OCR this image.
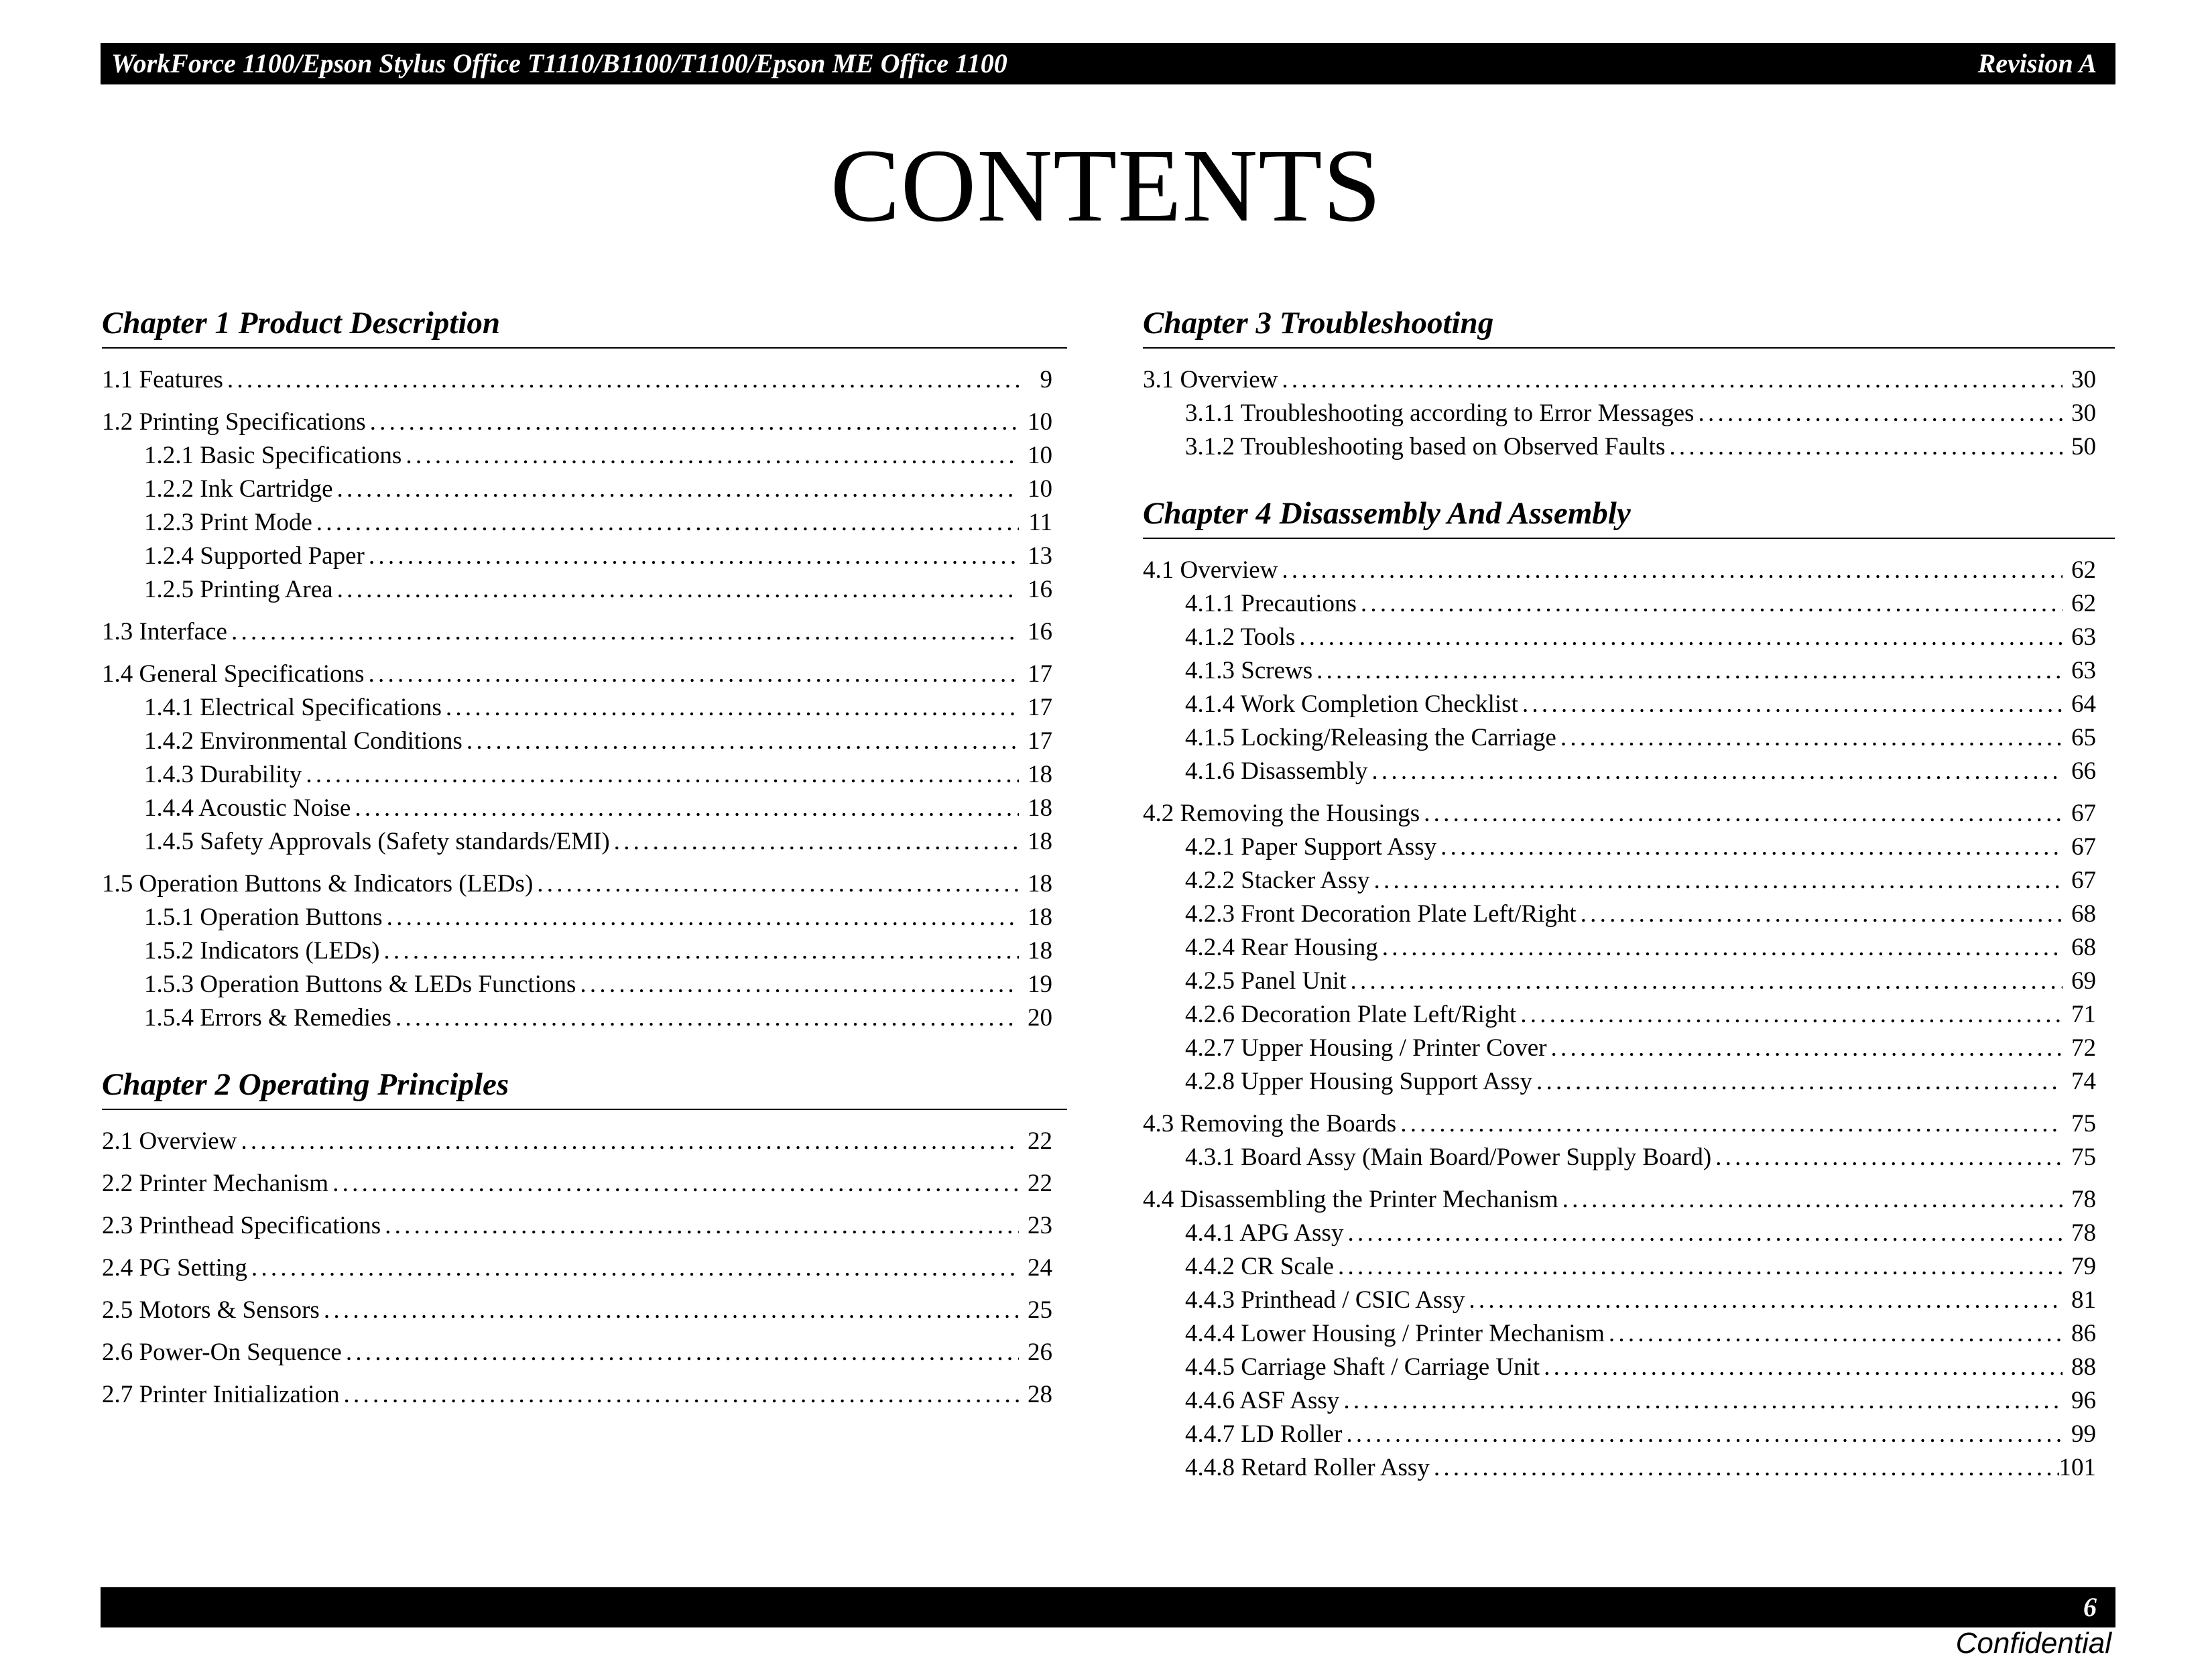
WorkForce 1100/Epson Stylus Office T1110/B1100/T1100/Epson ME Office 1100	Revision A
CONTENTS
Chapter 1 Product Description
1.1 Features . . .	9
1.2 Printing Specifications . . .	10
1.2.1 Basic Specifications . . .	10
1.2.2 Ink Cartridge . . .	10
1.2.3 Print Mode . . .	11
1.2.4 Supported Paper . . .	13
1.2.5 Printing Area . . .	16
1.3 Interface . . .	16
1.4 General Specifications . . .	17
1.4.1 Electrical Specifications . . .	17
1.4.2 Environmental Conditions . . .	17
1.4.3 Durability . . .	18
1.4.4 Acoustic Noise . . .	18
1.4.5 Safety Approvals (Safety standards/EMI) . . .	18
1.5 Operation Buttons & Indicators (LEDs) . . .	18
1.5.1 Operation Buttons . . .	18
1.5.2 Indicators (LEDs) . . .	18
1.5.3 Operation Buttons & LEDs Functions . . .	19
1.5.4 Errors & Remedies . . .	20
Chapter 2 Operating Principles
2.1 Overview . . .	22
2.2 Printer Mechanism . . .	22
2.3 Printhead Specifications . . .	23
2.4 PG Setting . . .	24
2.5 Motors & Sensors . . .	25
2.6 Power-On Sequence . . .	26
2.7 Printer Initialization . . .	28
Chapter 3 Troubleshooting
3.1 Overview . . .	30
3.1.1 Troubleshooting according to Error Messages . . .	30
3.1.2 Troubleshooting based on Observed Faults . . .	50
Chapter 4 Disassembly And Assembly
4.1 Overview . . .	62
4.1.1 Precautions . . .	62
4.1.2 Tools . . .	63
4.1.3 Screws . . .	63
4.1.4 Work Completion Checklist . . .	64
4.1.5 Locking/Releasing the Carriage . . .	65
4.1.6 Disassembly . . .	66
4.2 Removing the Housings . . .	67
4.2.1 Paper Support Assy . . .	67
4.2.2 Stacker Assy . . .	67
4.2.3 Front Decoration Plate Left/Right . . .	68
4.2.4 Rear Housing . . .	68
4.2.5 Panel Unit . . .	69
4.2.6 Decoration Plate Left/Right . . .	71
4.2.7 Upper Housing / Printer Cover . . .	72
4.2.8 Upper Housing Support Assy . . .	74
4.3 Removing the Boards . . .	75
4.3.1 Board Assy (Main Board/Power Supply Board) . . .	75
4.4 Disassembling the Printer Mechanism . . .	78
4.4.1 APG Assy . . .	78
4.4.2 CR Scale . . .	79
4.4.3 Printhead / CSIC Assy . . .	81
4.4.4 Lower Housing / Printer Mechanism . . .	86
4.4.5 Carriage Shaft / Carriage Unit . . .	88
4.4.6 ASF Assy . . .	96
4.4.7 LD Roller . . .	99
4.4.8 Retard Roller Assy . . .	101
6
Confidential
